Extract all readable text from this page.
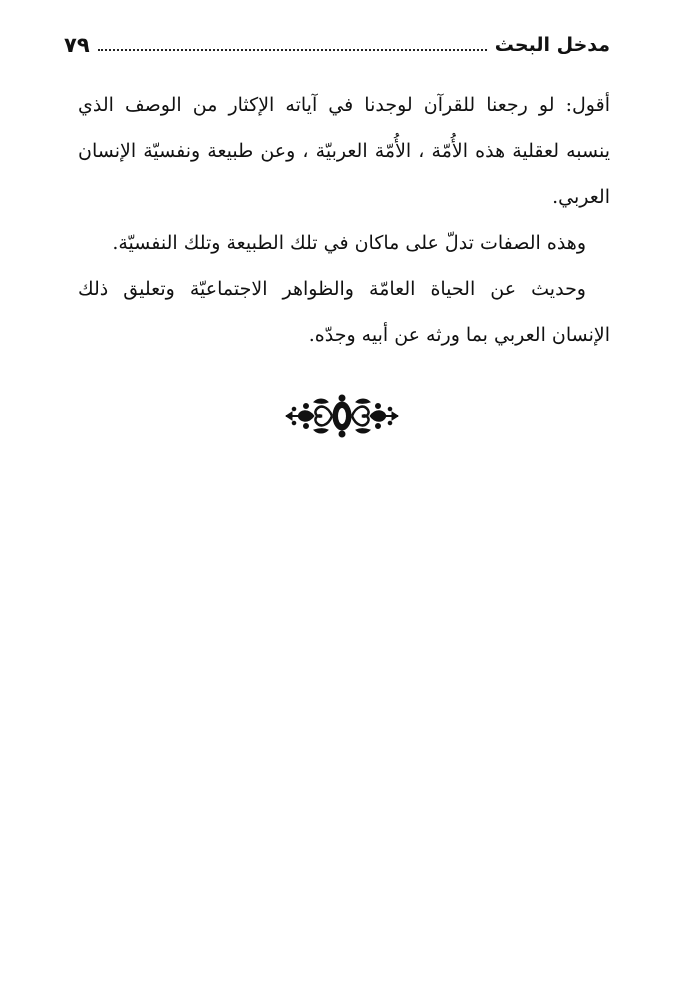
مدخل البحث
٧٩
أقول: لو رجعنا للقرآن لوجدنا في آياته الإكثار من الوصف الذي
ينسبه لعقلية هذه الأُمّة ، الأُمّة العربيّة ، وعن طبيعة ونفسيّة الإنسان
العربي.
وهذه الصفات تدلّ على ماكان في تلك الطبيعة وتلك النفسيّة.
وحديث عن الحياة العامّة والظواهر الاجتماعيّة وتعليق ذلك
الإنسان العربي بما ورثه عن أبيه وجدّه.
